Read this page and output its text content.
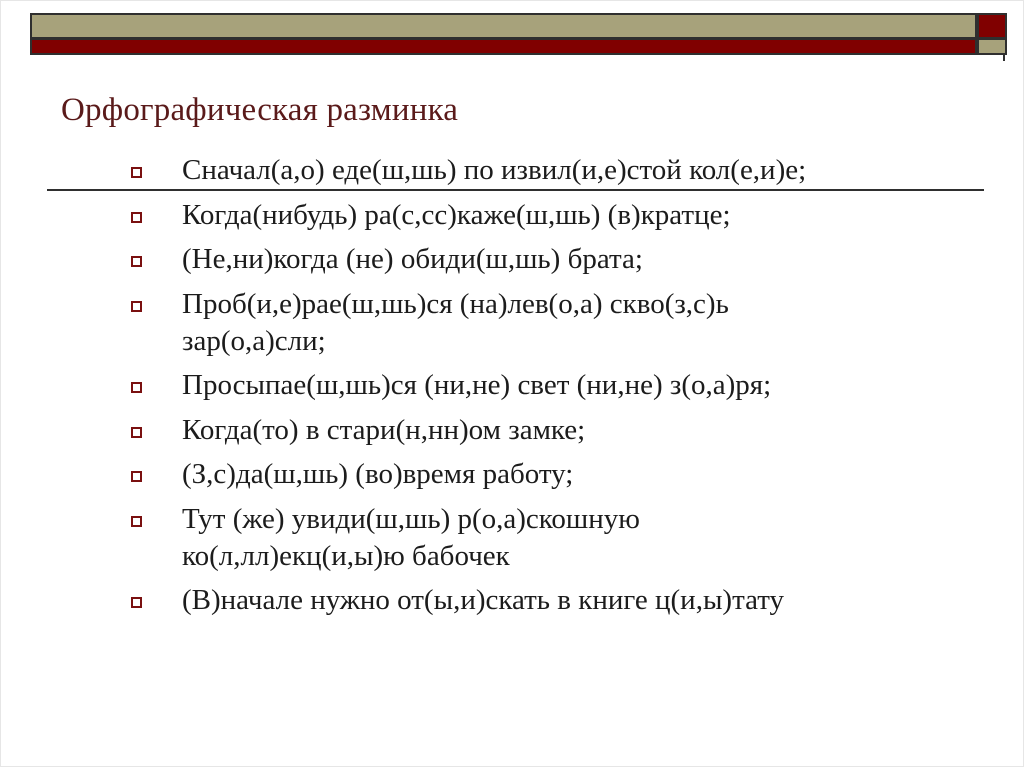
Орфографическая разминка
Сначал(а,о) еде(ш,шь) по извил(и,е)стой кол(е,и)е;
Когда(нибудь) ра(с,сс)каже(ш,шь) (в)кратце;
(Не,ни)когда (не) обиди(ш,шь) брата;
Проб(и,е)рае(ш,шь)ся (на)лев(о,а) скво(з,с)ь
зар(о,а)сли;
Просыпае(ш,шь)ся (ни,не) свет (ни,не) з(о,а)ря;
Когда(то) в стари(н,нн)ом замке;
(З,с)да(ш,шь) (во)время работу;
Тут (же) увиди(ш,шь) р(о,а)скошную
ко(л,лл)екц(и,ы)ю бабочек
(В)начале нужно от(ы,и)скать в книге ц(и,ы)тату
